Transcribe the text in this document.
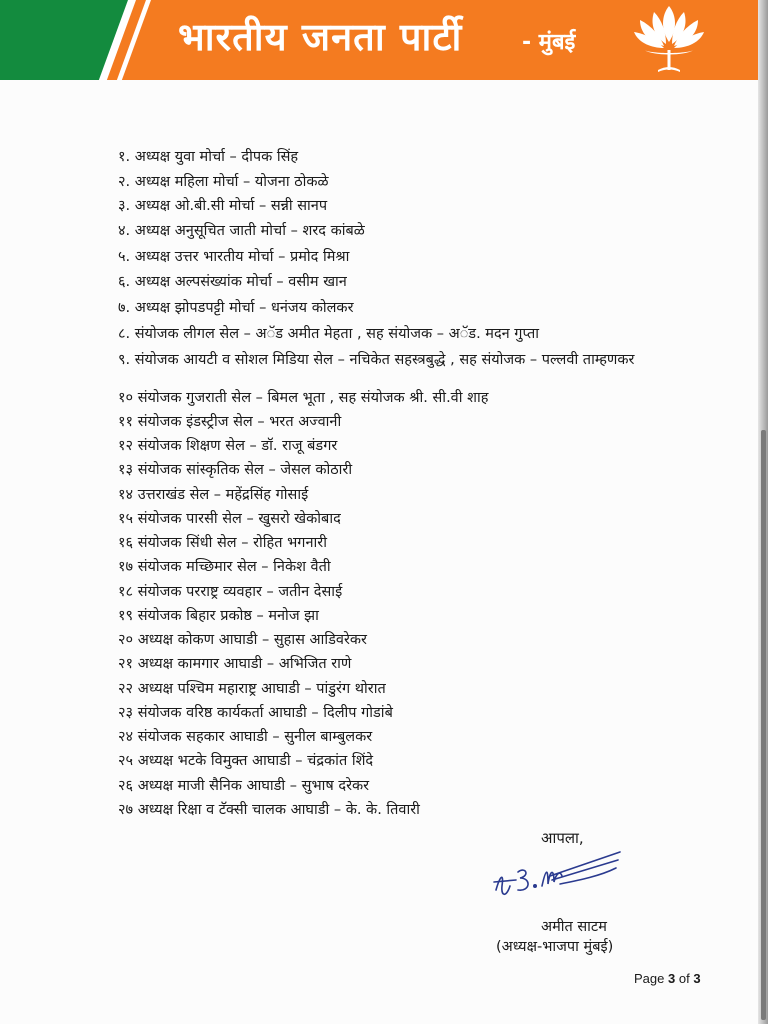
भारतीय जनता पार्टी	- मुंबई
१. अध्यक्ष युवा मोर्चा – दीपक सिंह
२. अध्यक्ष महिला मोर्चा – योजना ठोकळे
३. अध्यक्ष ओ.बी.सी मोर्चा – सन्नी सानप
४. अध्यक्ष अनुसूचित जाती मोर्चा – शरद कांबळे
५. अध्यक्ष उत्तर भारतीय मोर्चा – प्रमोद मिश्रा
६. अध्यक्ष अल्पसंख्यांक मोर्चा – वसीम खान
७. अध्यक्ष झोपडपट्टी मोर्चा – धनंजय कोलकर
८. संयोजक लीगल सेल – अॅड अमीत मेहता , सह संयोजक – अॅड. मदन गुप्ता
९. संयोजक आयटी व सोशल मिडिया सेल – नचिकेत सहस्त्रबुद्धे , सह संयोजक – पल्लवी ताम्हणकर
१० संयोजक गुजराती सेल – बिमल भूता , सह संयोजक श्री. सी.वी शाह
११ संयोजक इंडस्ट्रीज सेल – भरत अज्वानी
१२ संयोजक शिक्षण सेल – डॉ. राजू बंडगर
१३ संयोजक सांस्कृतिक सेल – जेसल कोठारी
१४ उत्तराखंड सेल – महेंद्रसिंह गोसाई
१५ संयोजक पारसी सेल – खुसरो खेकोबाद
१६ संयोजक सिंधी सेल – रोहित भगनारी
१७ संयोजक मच्छिमार सेल – निकेश वैती
१८ संयोजक परराष्ट्र व्यवहार – जतीन देसाई
१९ संयोजक बिहार प्रकोष्ठ – मनोज झा
२० अध्यक्ष कोकण आघाडी – सुहास आडिवरेकर
२१ अध्यक्ष कामगार आघाडी – अभिजित राणे
२२ अध्यक्ष पश्चिम महाराष्ट्र आघाडी – पांडुरंग थोरात
२३ संयोजक वरिष्ठ कार्यकर्ता आघाडी – दिलीप गोडांबे
२४ संयोजक सहकार आघाडी – सुनील बाम्बुलकर
२५ अध्यक्ष भटके विमुक्त आघाडी – चंद्रकांत शिंदे
२६ अध्यक्ष माजी सैनिक आघाडी – सुभाष दरेकर
२७ अध्यक्ष रिक्षा व टॅक्सी चालक आघाडी – के. के. तिवारी
आपला,
अमीत साटम
(अध्यक्ष-भाजपा मुंबई)
Page 3 of 3
